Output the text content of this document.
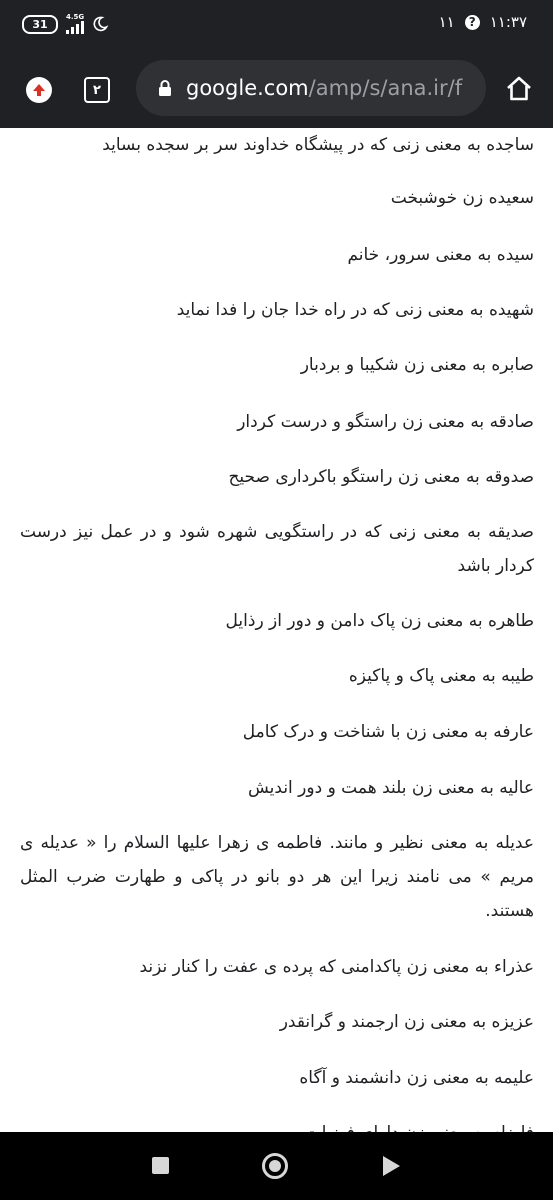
31
4.5G	۱۱	? ۱۱:۳۷
۲	google.com/amp/s/ana.ir/f

ساجده به معنی زنی که در پیشگاه خداوند سر بر سجده بساید

سعیده زن خوشبخت

سیده به معنی سرور، خانم

شهیده به معنی زنی که در راه خدا جان را فدا نماید

صابره به معنی زن شکیبا و بردبار

صادقه به معنی زن راستگو و درست کردار

صدوقه به معنی زن راستگو باکرداری صحیح

صدیقه به معنی زنی که در راستگویی شهره شود و در عمل نیز درست کردار باشد

طاهره به معنی زن پاک دامن و دور از رذایل

طیبه به معنی پاک و پاکیزه

عارفه به معنی زن با شناخت و درک کامل

عالیه به معنی زن بلند همت و دور اندیش

عدیله به معنی نظیر و مانند. فاطمه ی زهرا علیها السلام را « عدیله ی مریم » می نامند زیرا این هر دو بانو در پاکی و طهارت ضرب المثل هستند.

عذراء به معنی زن پاکدامنی که پرده ی عفت را کنار نزند

عزیزه به معنی زن ارجمند و گرانقدر

علیمه به معنی زن دانشمند و آگاه
